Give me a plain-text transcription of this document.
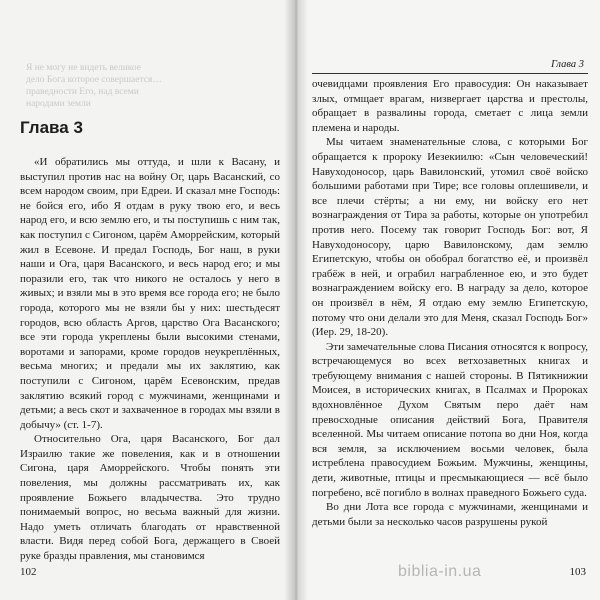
Я не могу не видеть великое
дело Бога которое совершается…
праведности Его, над всеми
народами земли
Глава 3

«И обратились мы оттуда, и шли к Васану, и выступил против нас на войну Ог, царь Васанский, со всем народом своим, при Едреи. И сказал мне Господь: не бойся его, ибо Я отдам в руку твою его, и весь народ его, и всю землю его, и ты поступишь с ним так, как поступил с Сигоном, царём Аморрейским, который жил в Есевоне. И предал Господь, Бог наш, в руки наши и Ога, царя Васанского, и весь народ его; и мы поразили его, так что никого не осталось у него в живых; и взяли мы в это время все города его; не было города, которого мы не взяли бы у них: шестьдесят городов, всю область Аргов, царство Ога Васанского; все эти города укреплены были высокими стенами, воротами и запорами, кроме городов неукреплённых, весьма многих; и предали мы их заклятию, как поступили с Сигоном, царём Есевонским, предав заклятию всякий город с мужчинами, женщинами и детьми; а весь скот и захваченное в городах мы взяли в добычу» (ст. 1-7).

Относительно Ога, царя Васанского, Бог дал Израилю такие же повеления, как и в отношении Сигона, царя Аморрейского. Чтобы понять эти повеления, мы должны рассматривать их, как проявление Божьего владычества. Это трудно понимаемый вопрос, но весьма важный для жизни. Надо уметь отличать благодать от нравственной власти. Видя перед собой Бога, держащего в Своей руке бразды правления, мы становимся

102
Глава 3

очевидцами проявления Его правосудия: Он наказывает злых, отмщает врагам, низвергает царства и престолы, обращает в развалины города, сметает с лица земли племена и народы.

Мы читаем знаменательные слова, с которыми Бог обращается к пророку Иезекиилю: «Сын человеческий! Навуходоносор, царь Вавилонский, утомил своё войско большими работами при Тире; все головы оплешивели, и все плечи стёрты; а ни ему, ни войску его нет вознаграждения от Тира за работы, которые он употребил против него. Посему так говорит Господь Бог: вот, Я Навуходоносору, царю Вавилонскому, дам землю Египетскую, чтобы он обобрал богатство её, и произвёл грабёж в ней, и ограбил награбленное ею, и это будет вознаграждением войску его. В награду за дело, которое он произвёл в нём, Я отдаю ему землю Египетскую, потому что они делали это для Меня, сказал Господь Бог» (Иер. 29, 18-20).

Эти замечательные слова Писания относятся к вопросу, встречающемуся во всех ветхозаветных книгах и требующему внимания с нашей стороны. В Пятикнижии Моисея, в исторических книгах, в Псалмах и Пророках вдохновлённое Духом Святым перо даёт нам превосходные описания действий Бога, Правителя вселенной. Мы читаем описание потопа во дни Ноя, когда вся земля, за исключением восьми человек, была истреблена правосудием Божьим. Мужчины, женщины, дети, животные, птицы и пресмыкающиеся — всё было погребено, всё погибло в волнах праведного Божьего суда.

Во дни Лота все города с мужчинами, женщинами и детьми были за несколько часов разрушены рукой

103
biblia-in.ua
